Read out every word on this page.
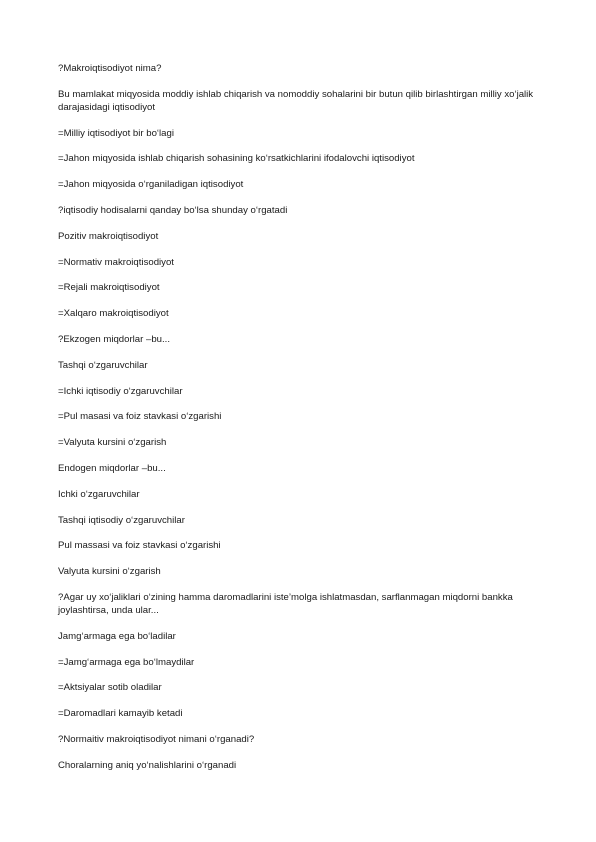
?Makroiqtisodiyot nima?

Bu mamlakat miqyosida moddiy ishlab chiqarish va nomoddiy sohalarini bir butun qilib birlashtirgan milliy xo‘jalik darajasidagi iqtisodiyot

=Milliy iqtisodiyot bir bo‘lagi

=Jahon miqyosida ishlab chiqarish sohasining ko‘rsatkichlarini ifodalovchi iqtisodiyot

=Jahon miqyosida o‘rganiladigan iqtisodiyot

?iqtisodiy hodisalarni qanday bo‘lsa shunday o‘rgatadi

Pozitiv makroiqtisodiyot

=Normativ makroiqtisodiyot

=Rejali makroiqtisodiyot

=Xalqaro makroiqtisodiyot

?Ekzogen miqdorlar –bu...

Tashqi o‘zgaruvchilar

=Ichki iqtisodiy o‘zgaruvchilar

=Pul masasi va foiz stavkasi o‘zgarishi

=Valyuta kursini o‘zgarish

Endogen miqdorlar –bu...

Ichki o‘zgaruvchilar

Tashqi iqtisodiy o‘zgaruvchilar

Pul massasi va foiz stavkasi o‘zgarishi

Valyuta kursini o‘zgarish

?Agar uy xo‘jaliklari o‘zining hamma daromadlarini iste’molga ishlatmasdan, sarflanmagan miqdorni bankka joylashtirsa, unda ular...

Jamg‘armaga ega bo‘ladilar

=Jamg‘armaga ega bo‘lmaydilar

=Aktsiyalar sotib oladilar

=Daromadlari kamayib ketadi

?Normaitiv makroiqtisodiyot nimani o‘rganadi?

Choralarning aniq yo‘nalishlarini o‘rganadi
